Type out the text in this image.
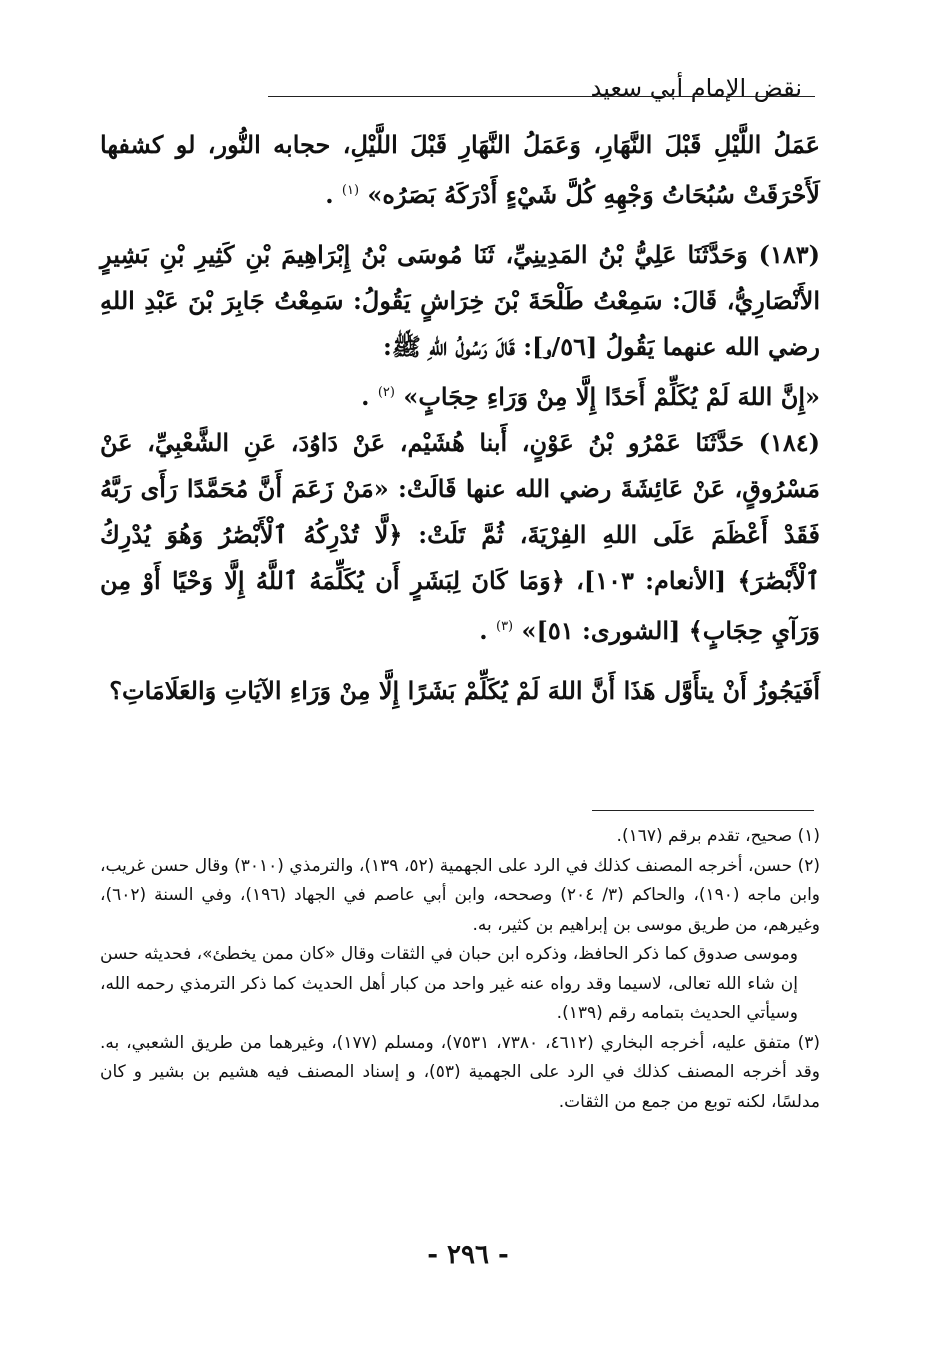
نقض الإمام أبي سعيد

عَمَلُ اللَّيْلِ قَبْلَ النَّهَارِ، وَعَمَلُ النَّهَارِ قَبْلَ اللَّيْلِ، حجابه النُّور، لو كشفها لَأَحْرَقَتْ سُبُحَاتُ وَجْهِهِ كُلَّ شَيْءٍ أَدْرَكَهُ بَصَرُه» $^{(١)}$ .

(١٨٣) وَحَدَّثَنَا عَلِيُّ بْنُ المَدِينِيِّ، ثَنَا مُوسَى بْنُ إِبْرَاهِيمَ بْنِ كَثِيرِ بْنِ بَشِيرٍ الأَنْصَارِيُّ، قَالَ: سَمِعْتُ طَلْحَةَ بْنَ خِرَاشٍ يَقُولُ: سَمِعْتُ جَابِرَ بْنَ عَبْدِ اللهِ رضي الله عنهما يَقُولُ [٥٦/و]: قَالَ رَسُولُ اللهِ ﷺ:

«إِنَّ اللهَ لَمْ يُكَلِّمْ أَحَدًا إِلَّا مِنْ وَرَاءِ حِجَابٍ» $^{(٢)}$ .

(١٨٤) حَدَّثَنَا عَمْرُو بْنُ عَوْنٍ، أَبنا هُشَيْم، عَنْ دَاوُدَ، عَنِ الشَّعْبِيِّ، عَنْ مَسْرُوقٍ، عَنْ عَائِشَةَ رضي الله عنها قَالَتْ: «مَنْ زَعَمَ أَنَّ مُحَمَّدًا رَأَى رَبَّهُ فَقَدْ أَعْظَمَ عَلَى اللهِ الفِرْيَةَ، ثُمَّ تَلَتْ: ﴿لَّا تُدْرِكُهُ ٱلْأَبْصَٰرُ وَهُوَ يُدْرِكُ ٱلْأَبْصَٰرَ﴾ [الأنعام: ١٠٣]، ﴿وَمَا كَانَ لِبَشَرٍ أَن يُكَلِّمَهُ ٱللَّهُ إِلَّا وَحْيًا أَوْ مِن وَرَآيِ حِجَابٍ﴾ [الشورى: ٥١]» $^{(٣)}$ .

أَفَيَجُوزُ أَنْ يتأَوَّل هَذَا أَنَّ اللهَ لَمْ يُكَلِّمْ بَشَرًا إِلَّا مِنْ وَرَاءِ الآيَاتِ وَالعَلَامَاتِ؟

(١) صحيح، تقدم برقم (١٦٧).

(٢) حسن، أخرجه المصنف كذلك في الرد على الجهمية (٥٢، ١٣٩)، والترمذي (٣٠١٠) وقال حسن غريب، وابن ماجه (١٩٠)، والحاكم (٣/ ٢٠٤) وصححه، وابن أبي عاصم في الجهاد (١٩٦)، وفي السنة (٦٠٢)، وغيرهم، من طريق موسى بن إبراهيم بن كثير، به.

وموسى صدوق كما ذكر الحافظ، وذكره ابن حبان في الثقات وقال «كان ممن يخطئ»، فحديثه حسن إن شاء الله تعالى، لاسيما وقد رواه عنه غير واحد من كبار أهل الحديث كما ذكر الترمذي رحمه الله، وسيأتي الحديث بتمامه رقم (١٣٩).

(٣) متفق عليه، أخرجه البخاري (٤٦١٢، ٧٣٨٠، ٧٥٣١)، ومسلم (١٧٧)، وغيرهما من طريق الشعبي، به. وقد أخرجه المصنف كذلك في الرد على الجهمية (٥٣)، و إسناد المصنف فيه هشيم بن بشير و كان مدلسًا، لكنه توبع من جمع من الثقات.

- ٢٩٦ -
